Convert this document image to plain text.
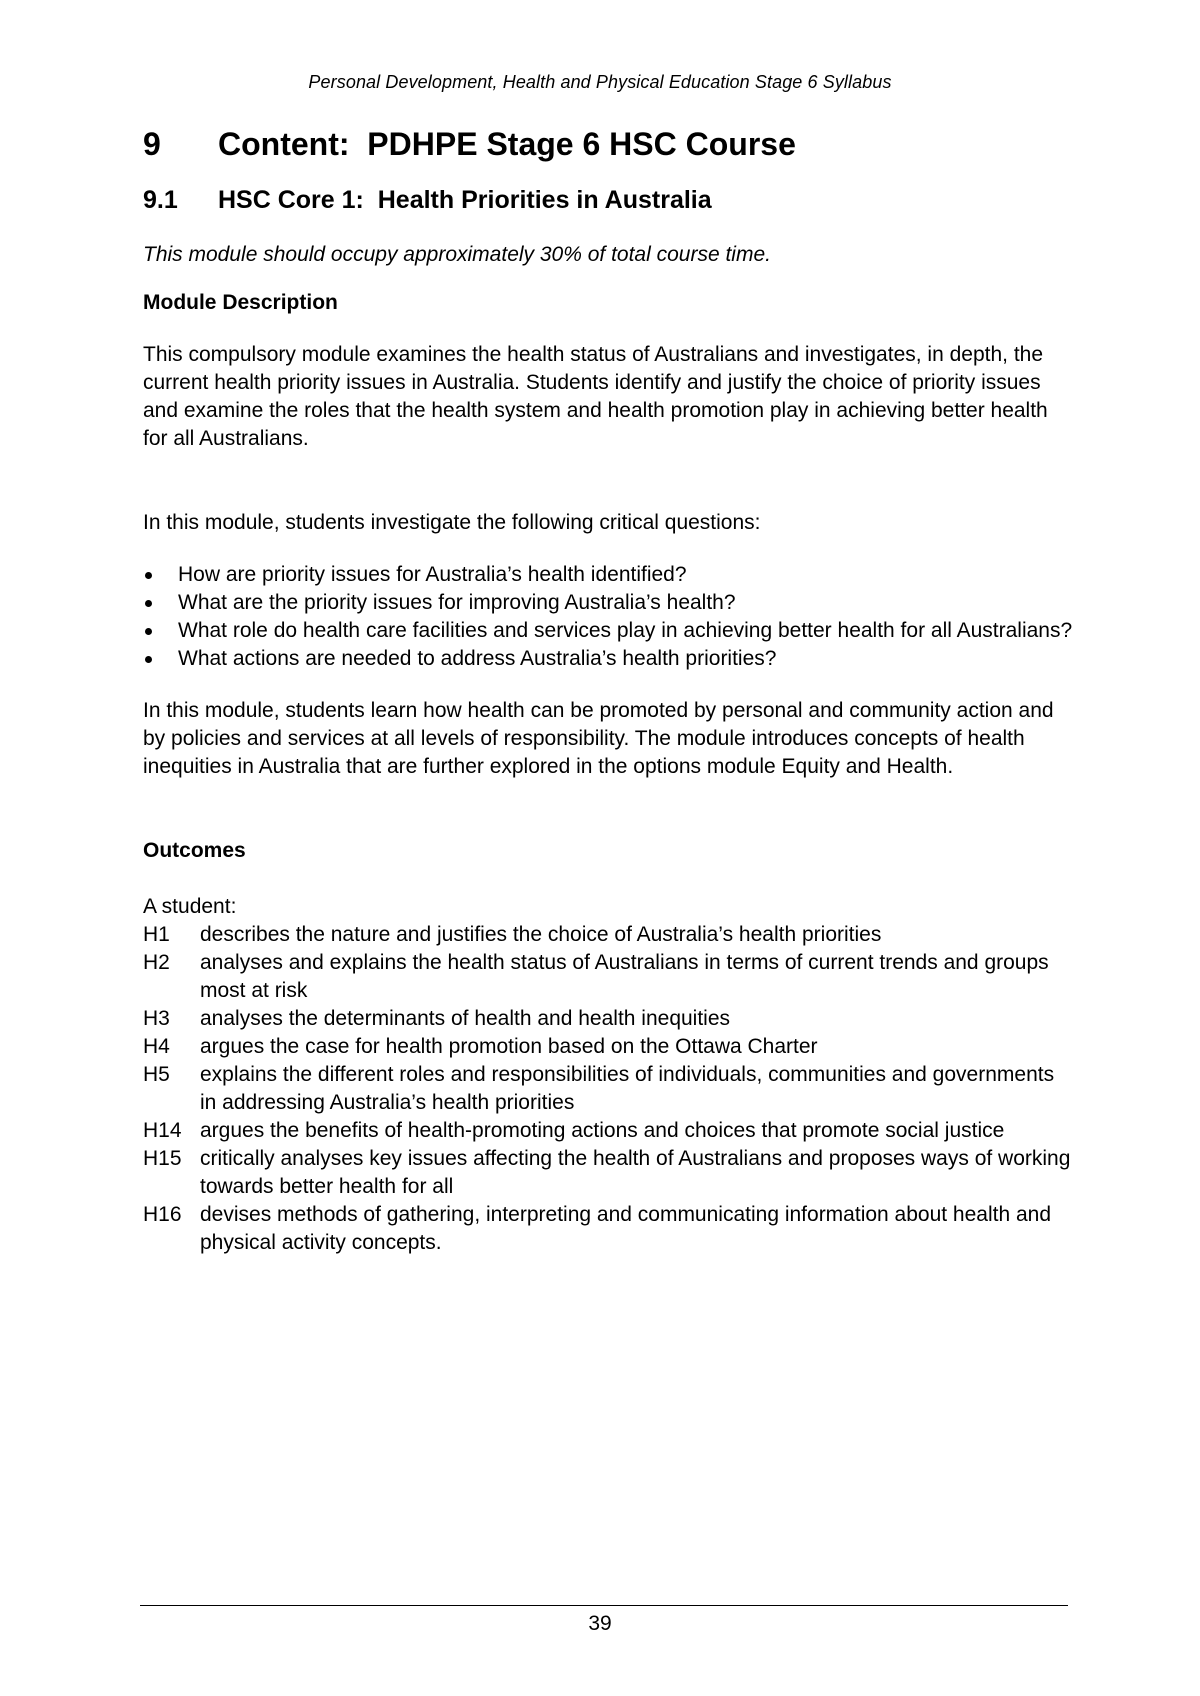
Personal Development, Health and Physical Education Stage 6 Syllabus
9	Content:  PDHPE Stage 6 HSC Course
9.1	HSC Core 1:  Health Priorities in Australia
This module should occupy approximately 30% of total course time.
Module Description
This compulsory module examines the health status of Australians and investigates, in depth, the current health priority issues in Australia. Students identify and justify the choice of priority issues and examine the roles that the health system and health promotion play in achieving better health for all Australians.
In this module, students investigate the following critical questions:
How are priority issues for Australia’s health identified?
What are the priority issues for improving Australia’s health?
What role do health care facilities and services play in achieving better health for all Australians?
What actions are needed to address Australia’s health priorities?
In this module, students learn how health can be promoted by personal and community action and by policies and services at all levels of responsibility. The module introduces concepts of health inequities in Australia that are further explored in the options module Equity and Health.
Outcomes
A student:
H1	describes the nature and justifies the choice of Australia’s health priorities
H2	analyses and explains the health status of Australians in terms of current trends and groups most at risk
H3	analyses the determinants of health and health inequities
H4	argues the case for health promotion based on the Ottawa Charter
H5	explains the different roles and responsibilities of individuals, communities and governments in addressing Australia’s health priorities
H14 argues the benefits of health-promoting actions and choices that promote social justice
H15 critically analyses key issues affecting the health of Australians and proposes ways of working towards better health for all
H16 devises methods of gathering, interpreting and communicating information about health and physical activity concepts.
39
